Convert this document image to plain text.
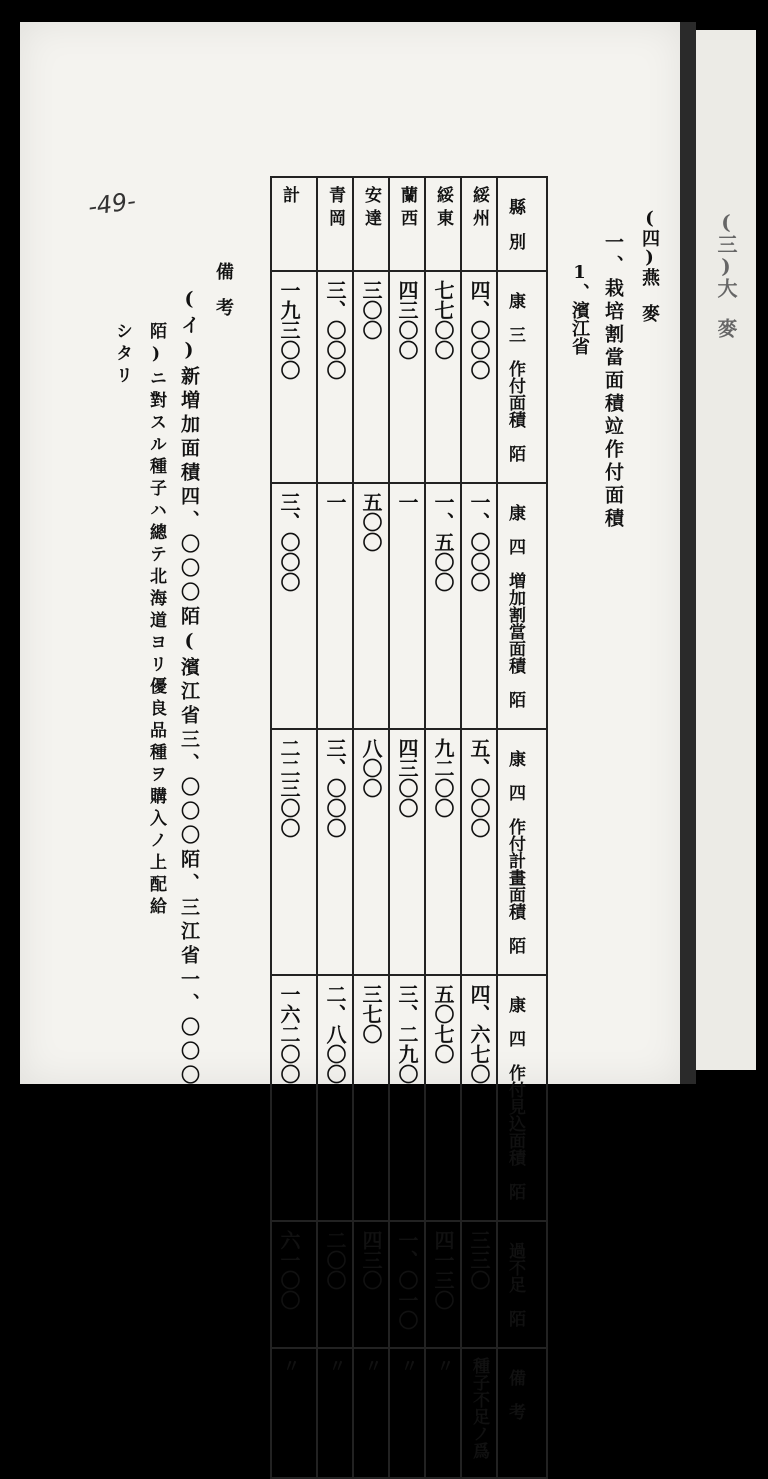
(三)大　麥
-49-
(四)燕　麥
一、栽培割當面積竝作付面積
1、濱江省
計	青岡	安達	蘭西	綏東	綏州	縣別

一九三〇〇	三、〇〇〇	三〇〇	四三〇〇	七七〇〇	四、〇〇〇	康　三　作付面積　陌

三、〇〇〇	一	五〇〇	一	一、五〇〇	一、〇〇〇	康　四　増加割當面積　陌

二二三〇〇	三、〇〇〇	八〇〇	四三〇〇	九二〇〇	五、〇〇〇	康　四　作付計畫面積　陌

一六二〇〇	二、八〇〇	三七〇	三、二九〇	五〇七〇	四、六七〇	康　四　作付見込面積　陌

六一〇〇	二〇〇	四三〇	一、〇一〇	四一三〇	三三〇	過不足　陌

〃	〃	〃	〃	〃	種子不足ノ爲	備　考
備　考
(イ)新増加面積四、〇〇〇陌(濱江省三、〇〇〇陌、三江省一、〇〇〇
陌)ニ對スル種子ハ總テ北海道ヨリ優良品種ヲ購入ノ上配給
シタリ
